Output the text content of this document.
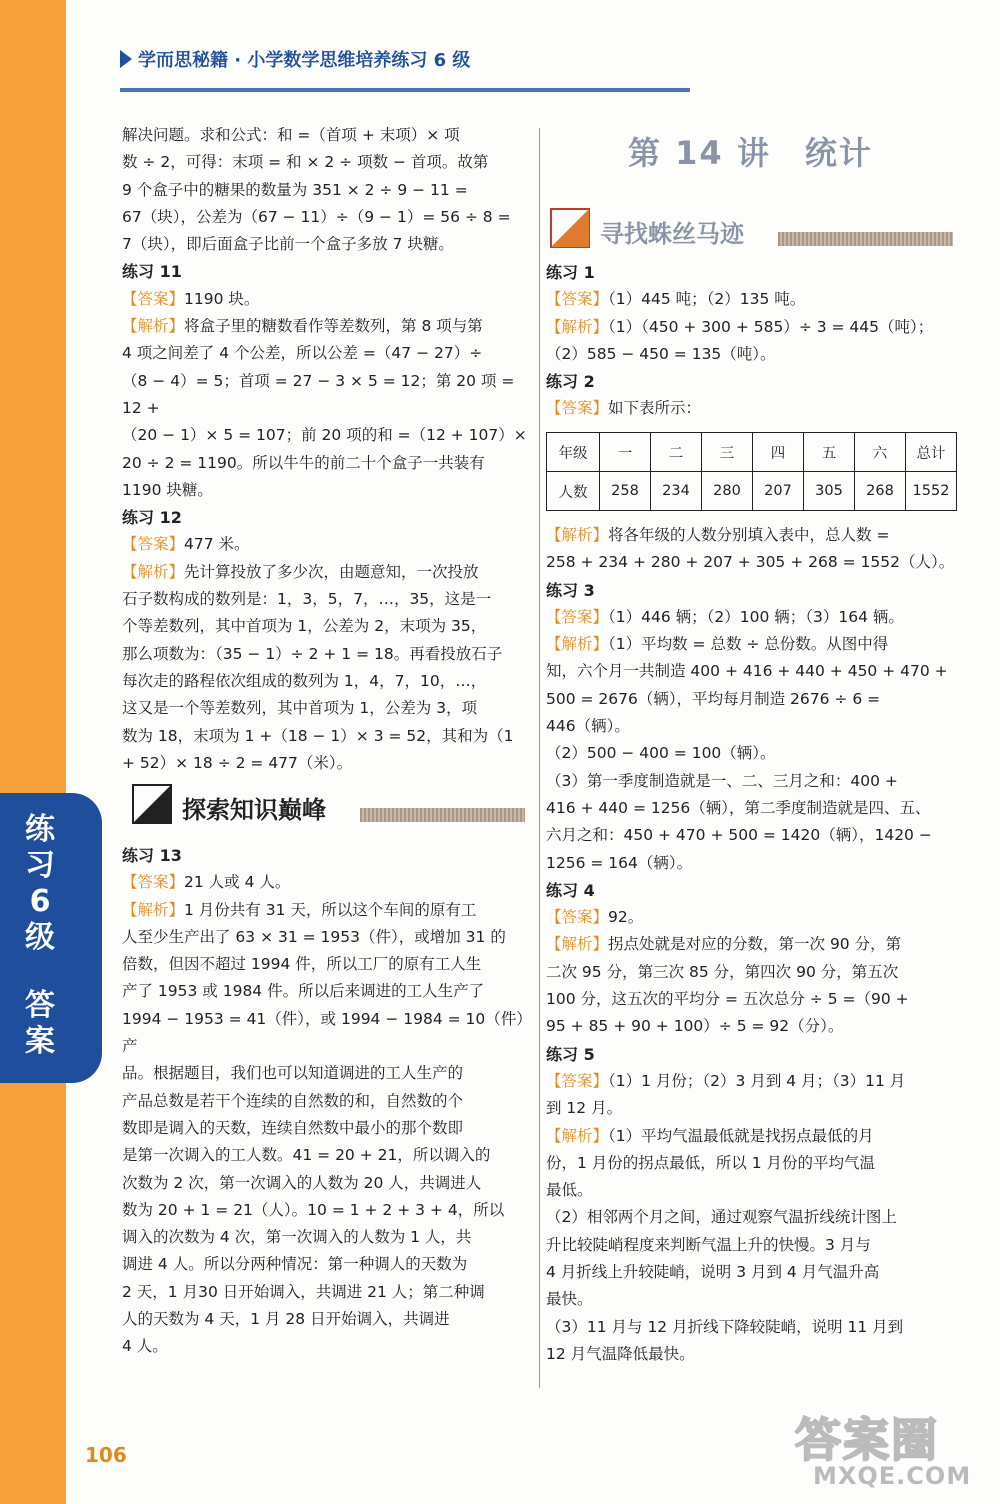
练
习
6
级
答
案
学而思秘籍 · 小学数学思维培养练习 6 级

解决问题。求和公式：和 =（首项 + 末项）× 项

数 ÷ 2，可得：末项 = 和 × 2 ÷ 项数 − 首项。故第

9 个盒子中的糖果的数量为 351 × 2 ÷ 9 − 11 =

67（块），公差为（67 − 11）÷（9 − 1）= 56 ÷ 8 =

7（块），即后面盒子比前一个盒子多放 7 块糖。

练习 11

【答案】1190 块。

【解析】将盒子里的糖数看作等差数列，第 8 项与第

4 项之间差了 4 个公差，所以公差 =（47 − 27）÷

（8 − 4）= 5；首项 = 27 − 3 × 5 = 12；第 20 项 = 12 +

（20 − 1）× 5 = 107；前 20 项的和 =（12 + 107）×

20 ÷ 2 = 1190。所以牛牛的前二十个盒子一共装有

1190 块糖。

练习 12

【答案】477 米。

【解析】先计算投放了多少次，由题意知，一次投放

石子数构成的数列是：1，3，5，7，…，35，这是一

个等差数列，其中首项为 1，公差为 2，末项为 35，

那么项数为：（35 − 1）÷ 2 + 1 = 18。再看投放石子

每次走的路程依次组成的数列为 1，4，7，10，…，

这又是一个等差数列，其中首项为 1，公差为 3，项

数为 18，末项为 1 +（18 − 1）× 3 = 52，其和为（1

+ 52）× 18 ÷ 2 = 477（米）。

探索知识巅峰

练习 13

【答案】21 人或 4 人。

【解析】1 月份共有 31 天，所以这个车间的原有工

人至少生产出了 63 × 31 = 1953（件），或增加 31 的

倍数，但因不超过 1994 件，所以工厂的原有工人生

产了 1953 或 1984 件。所以后来调进的工人生产了

1994 − 1953 = 41（件），或 1994 − 1984 = 10（件）产

品。根据题目，我们也可以知道调进的工人生产的

产品总数是若干个连续的自然数的和，自然数的个

数即是调入的天数，连续自然数中最小的那个数即

是第一次调入的工人数。41 = 20 + 21，所以调入的

次数为 2 次，第一次调入的人数为 20 人，共调进人

数为 20 + 1 = 21（人）。10 = 1 + 2 + 3 + 4，所以

调入的次数为 4 次，第一次调入的人数为 1 人，共

调进 4 人。所以分两种情况：第一种调人的天数为

2 天，1 月30 日开始调入，共调进 21 人；第二种调

人的天数为 4 天，1 月 28 日开始调入，共调进

4 人。

第 14 讲　统计
寻找蛛丝马迹

练习 1

【答案】（1）445 吨；（2）135 吨。

【解析】（1）（450 + 300 + 585）÷ 3 = 445（吨）；

（2）585 − 450 = 135（吨）。

练习 2

【答案】如下表所示：

年级	一	二	三	四	五	六	总计
人数	258	234	280	207	305	268	1552

【解析】将各年级的人数分别填入表中，总人数 =

258 + 234 + 280 + 207 + 305 + 268 = 1552（人）。

练习 3

【答案】（1）446 辆；（2）100 辆；（3）164 辆。

【解析】（1）平均数 = 总数 ÷ 总份数。从图中得

知，六个月一共制造 400 + 416 + 440 + 450 + 470 +

500 = 2676（辆），平均每月制造 2676 ÷ 6 =

446（辆）。

（2）500 − 400 = 100（辆）。

（3）第一季度制造就是一、二、三月之和：400 +

416 + 440 = 1256（辆），第二季度制造就是四、五、

六月之和：450 + 470 + 500 = 1420（辆），1420 −

1256 = 164（辆）。

练习 4

【答案】92。

【解析】拐点处就是对应的分数，第一次 90 分，第

二次 95 分，第三次 85 分，第四次 90 分，第五次

100 分，这五次的平均分 = 五次总分 ÷ 5 =（90 +

95 + 85 + 90 + 100）÷ 5 = 92（分）。

练习 5

【答案】（1）1 月份；（2）3 月到 4 月；（3）11 月

到 12 月。

【解析】（1）平均气温最低就是找拐点最低的月

份，1 月份的拐点最低，所以 1 月份的平均气温

最低。

（2）相邻两个月之间，通过观察气温折线统计图上

升比较陡峭程度来判断气温上升的快慢。3 月与

4 月折线上升较陡峭，说明 3 月到 4 月气温升高

最快。

（3）11 月与 12 月折线下降较陡峭，说明 11 月到

12 月气温降低最快。

106	答案圈
MXQE.COM
